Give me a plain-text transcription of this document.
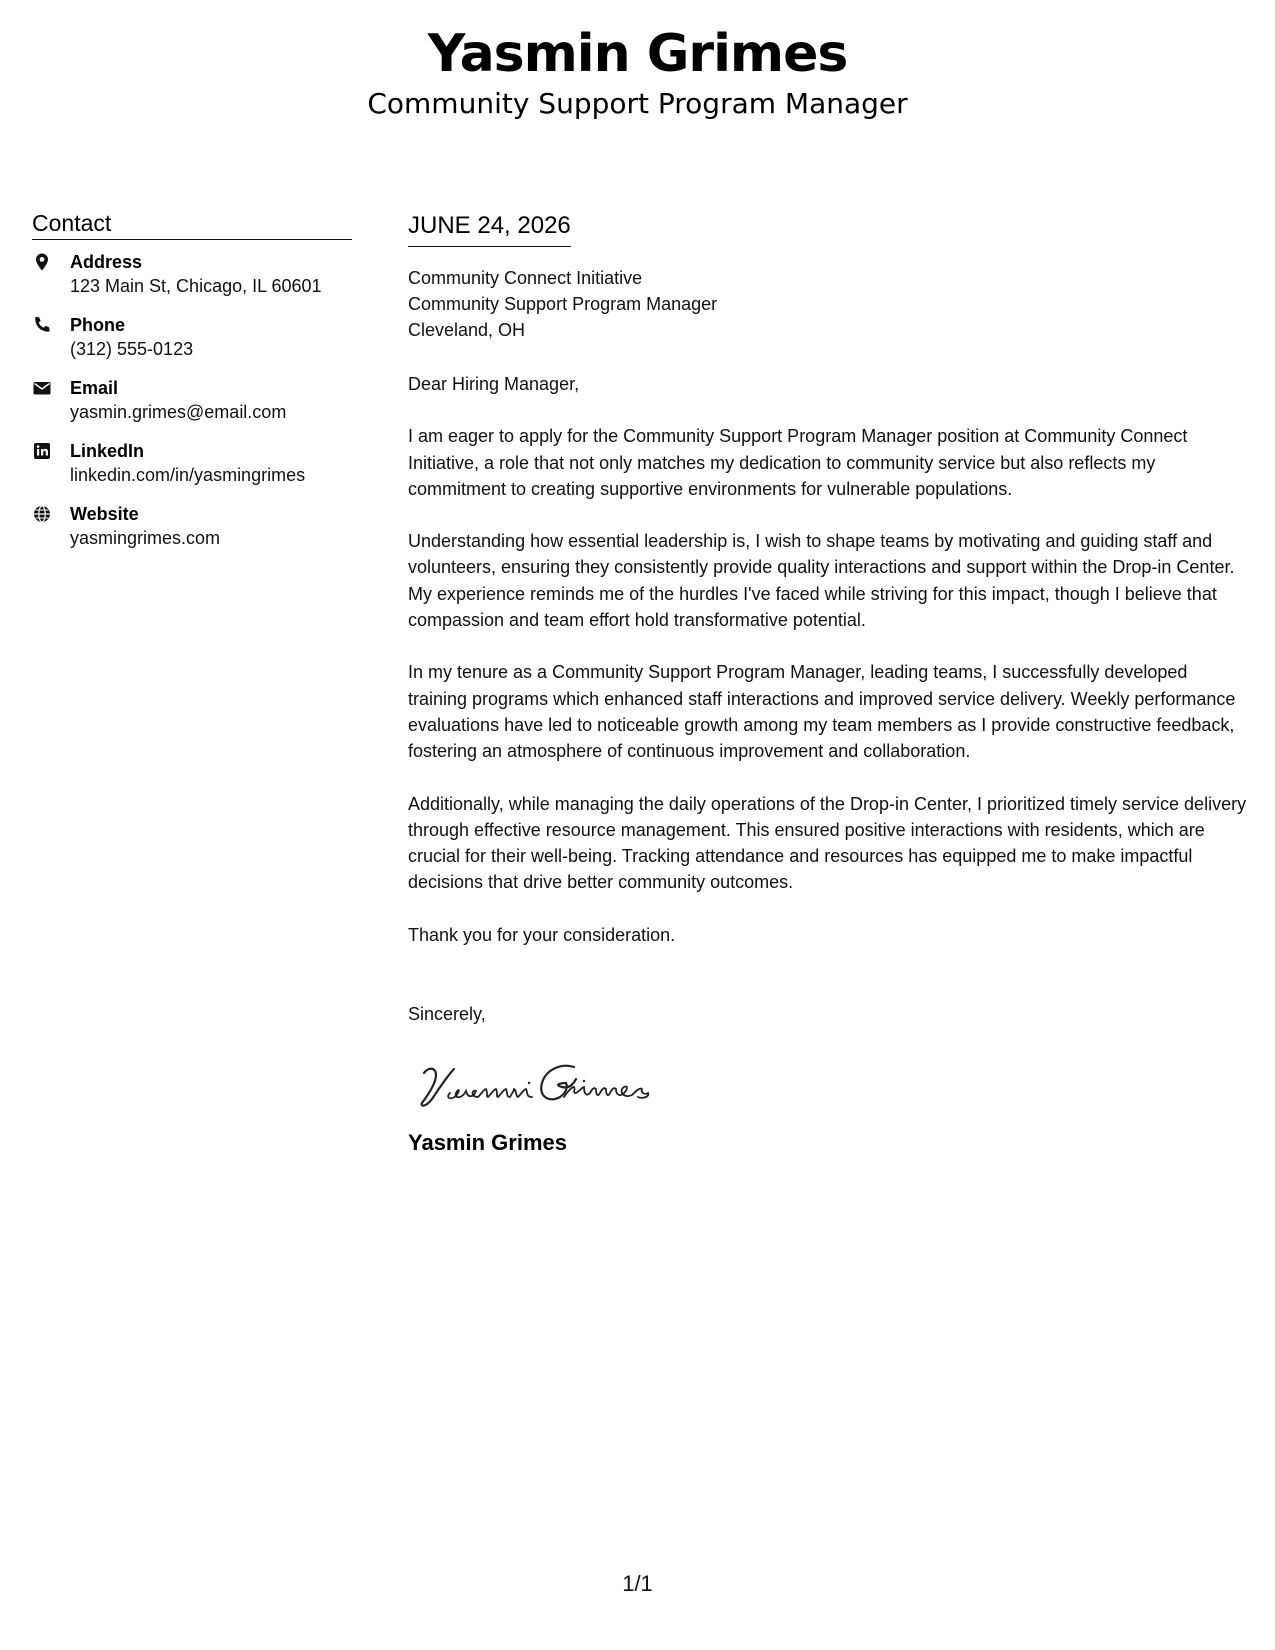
Yasmin Grimes
Community Support Program Manager
Contact
Address
123 Main St, Chicago, IL 60601
Phone
(312) 555-0123
Email
yasmin.grimes@email.com
LinkedIn
linkedin.com/in/yasmingrimes
Website
yasmingrimes.com
JUNE 24, 2026
Community Connect Initiative
Community Support Program Manager
Cleveland, OH
Dear Hiring Manager,
I am eager to apply for the Community Support Program Manager position at Community Connect Initiative, a role that not only matches my dedication to community service but also reflects my commitment to creating supportive environments for vulnerable populations.
Understanding how essential leadership is, I wish to shape teams by motivating and guiding staff and volunteers, ensuring they consistently provide quality interactions and support within the Drop-in Center. My experience reminds me of the hurdles I've faced while striving for this impact, though I believe that compassion and team effort hold transformative potential.
In my tenure as a Community Support Program Manager, leading teams, I successfully developed training programs which enhanced staff interactions and improved service delivery. Weekly performance evaluations have led to noticeable growth among my team members as I provide constructive feedback, fostering an atmosphere of continuous improvement and collaboration.
Additionally, while managing the daily operations of the Drop-in Center, I prioritized timely service delivery through effective resource management. This ensured positive interactions with residents, which are crucial for their well-being. Tracking attendance and resources has equipped me to make impactful decisions that drive better community outcomes.
Thank you for your consideration.
Sincerely,
Yasmin Grimes
1/1
